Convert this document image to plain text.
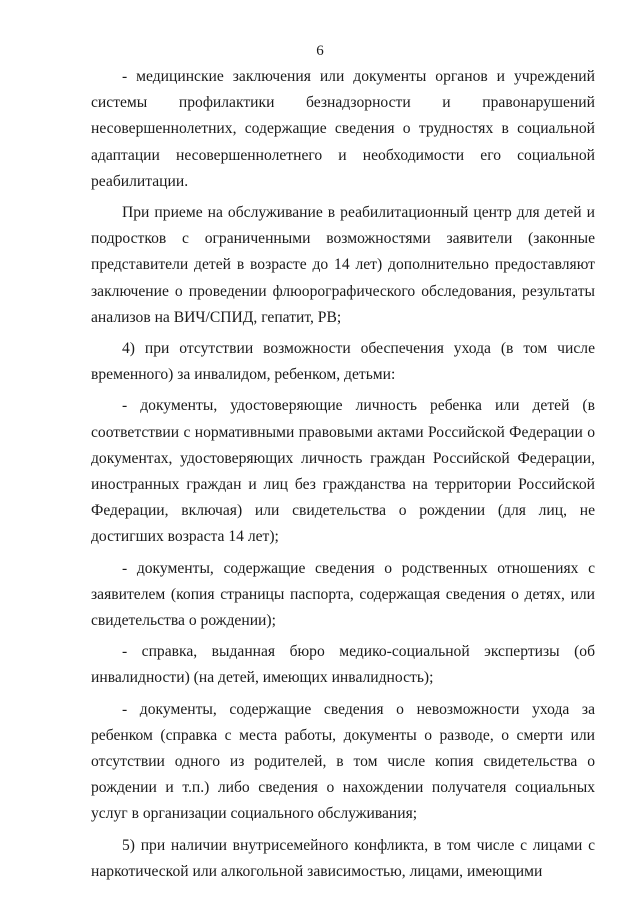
6

- медицинские заключения или документы органов и учреждений системы профилактики безнадзорности и правонарушений несовершеннолетних, содержащие сведения о трудностях в социальной адаптации несовершеннолетнего и необходимости его социальной реабилитации.

При приеме на обслуживание в реабилитационный центр для детей и подростков с ограниченными возможностями заявители (законные представители детей в возрасте до 14 лет) дополнительно предоставляют заключение о проведении флюорографического обследования, результаты анализов на ВИЧ/СПИД, гепатит, РВ;

4) при отсутствии возможности обеспечения ухода (в том числе временного) за инвалидом, ребенком, детьми:

- документы, удостоверяющие личность ребенка или детей (в соответствии с нормативными правовыми актами Российской Федерации о документах, удостоверяющих личность граждан Российской Федерации, иностранных граждан и лиц без гражданства на территории Российской Федерации, включая) или свидетельства о рождении (для лиц, не достигших возраста 14 лет);

- документы, содержащие сведения о родственных отношениях с заявителем (копия страницы паспорта, содержащая сведения о детях, или свидетельства о рождении);

- справка, выданная бюро медико-социальной экспертизы (об инвалидности) (на детей, имеющих инвалидность);

- документы, содержащие сведения о невозможности ухода за ребенком (справка с места работы, документы о разводе, о смерти или отсутствии одного из родителей, в том числе копия свидетельства о рождении и т.п.) либо сведения о нахождении получателя социальных услуг в организации социального обслуживания;

5) при наличии внутрисемейного конфликта, в том числе с лицами с наркотической или алкогольной зависимостью, лицами, имеющими
